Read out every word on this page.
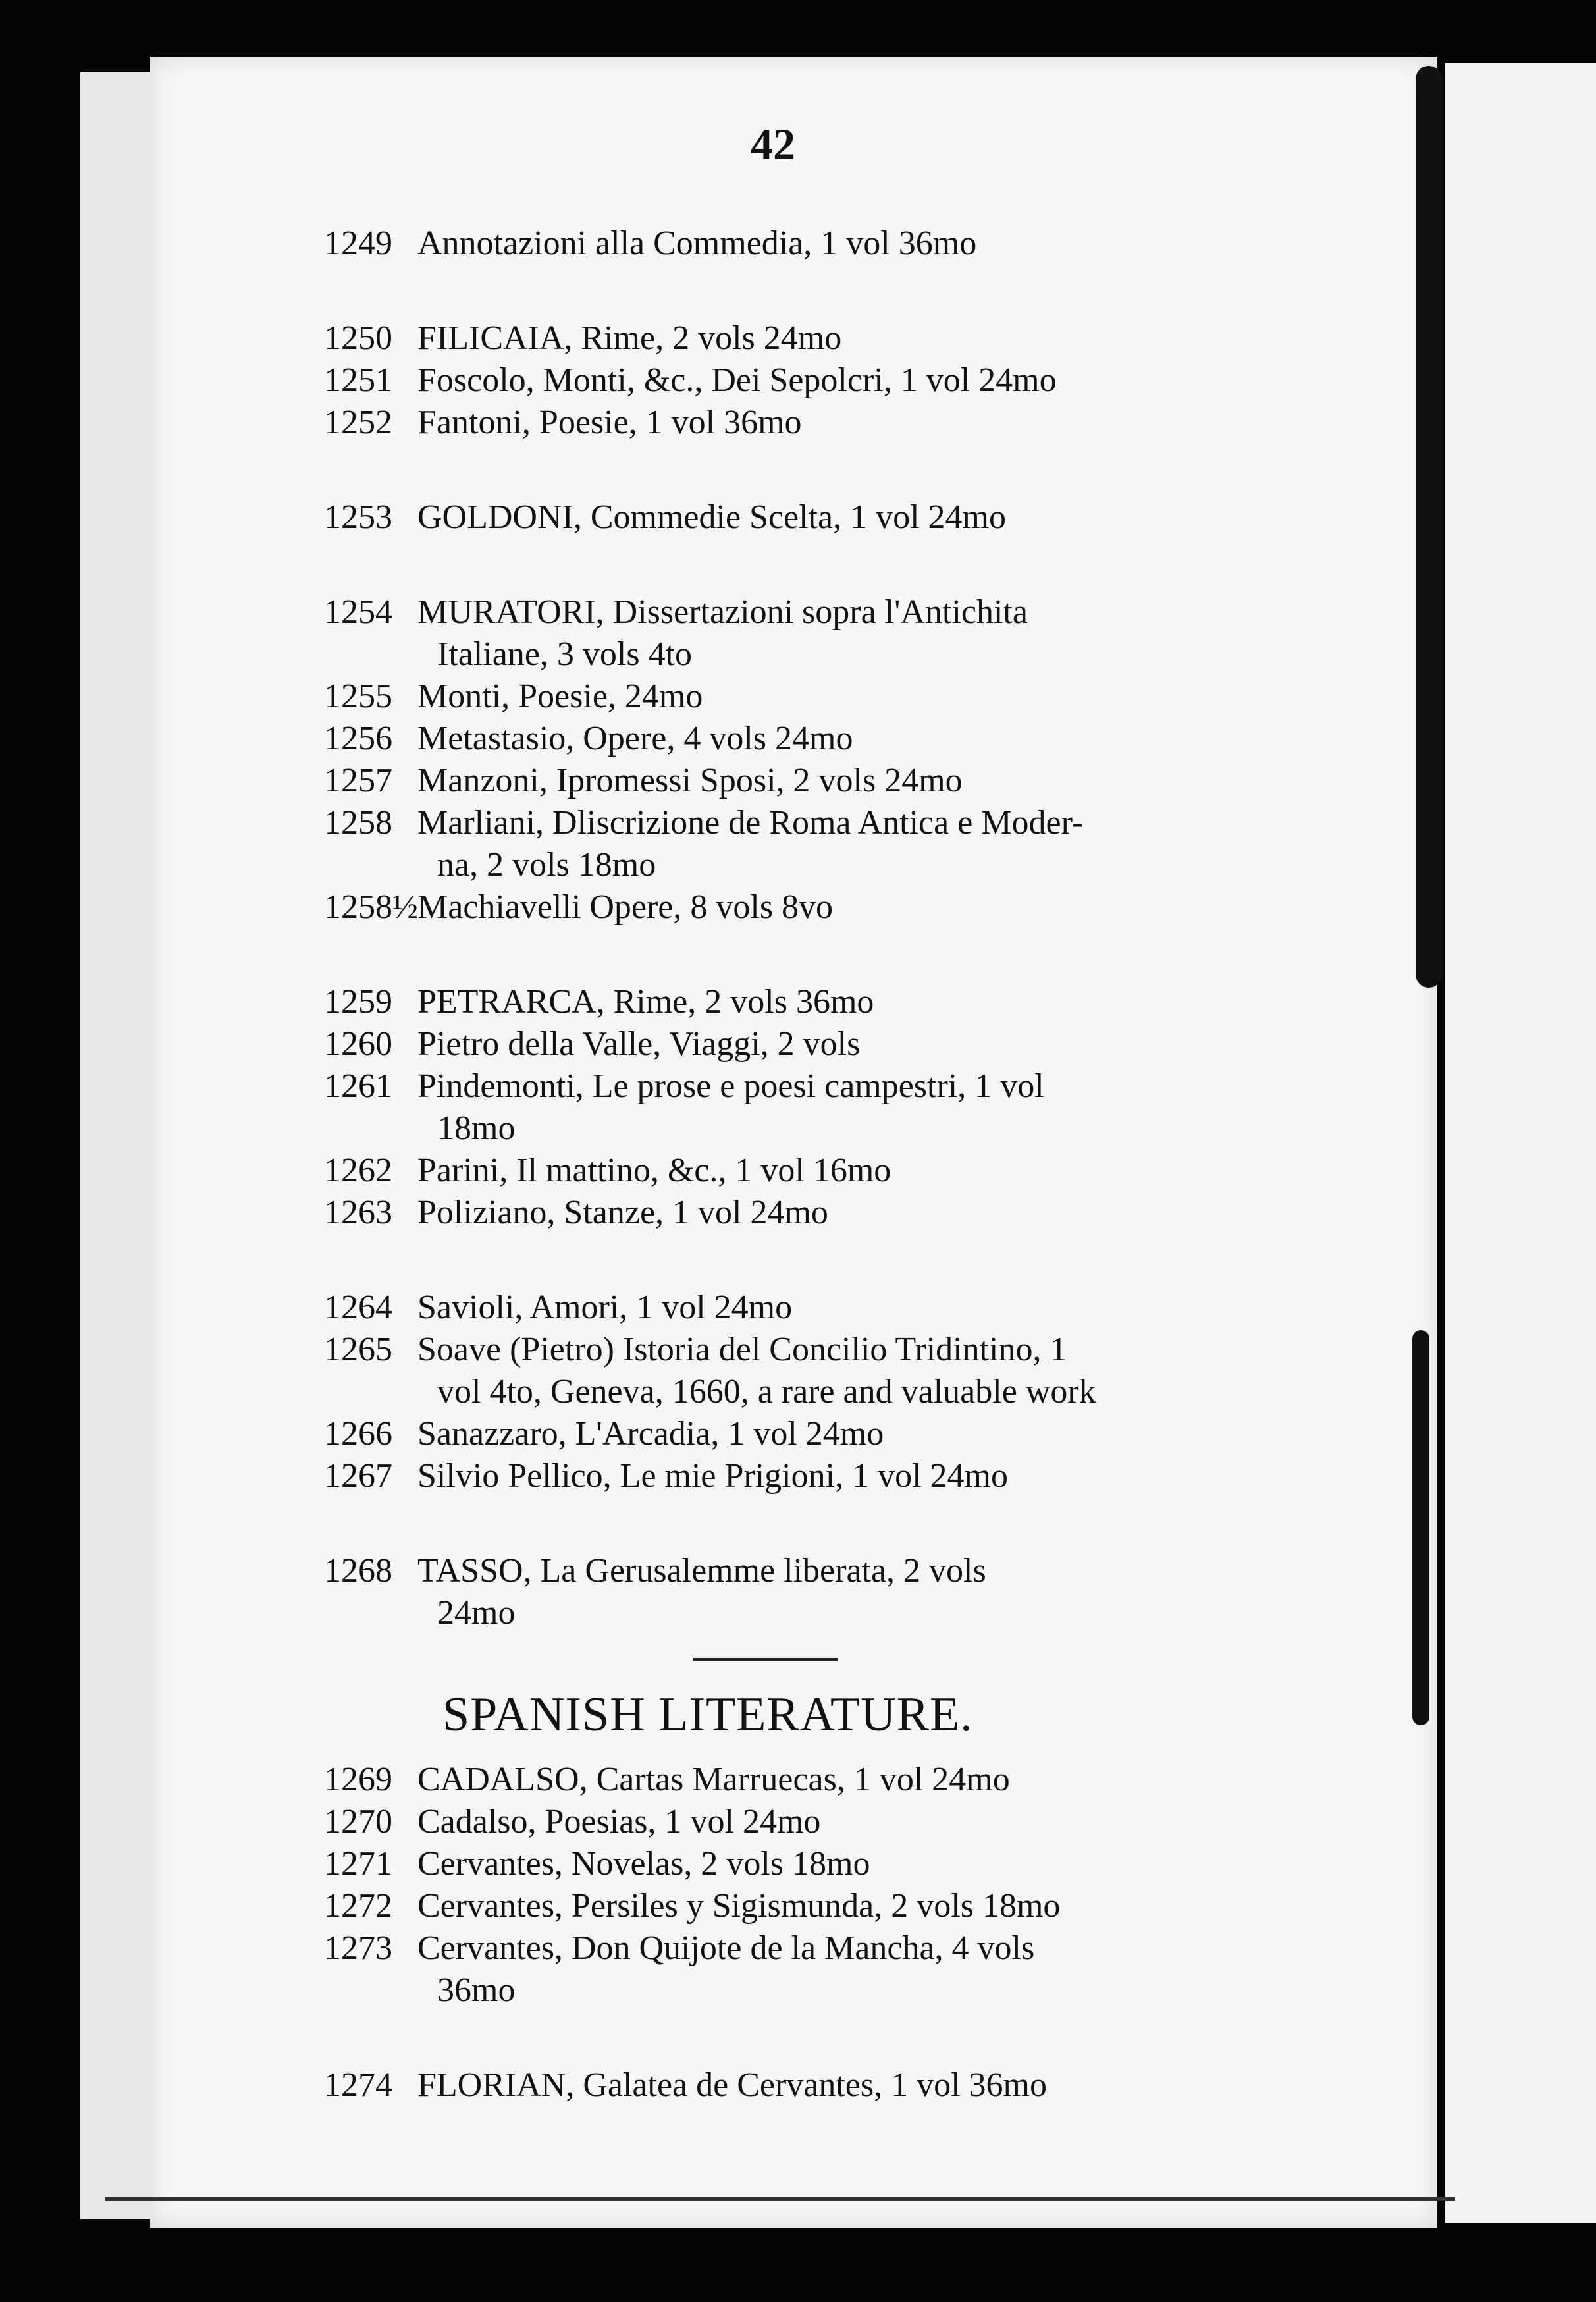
42
1249 Annotazioni alla Commedia, 1 vol 36mo
1250 FILICAIA, Rime, 2 vols 24mo
1251 Foscolo, Monti, &c., Dei Sepolcri, 1 vol 24mo
1252 Fantoni, Poesie, 1 vol 36mo
1253 GOLDONI, Commedie Scelta, 1 vol 24mo
1254 MURATORI, Dissertazioni sopra l'Antichita
Italiane, 3 vols 4to
1255 Monti, Poesie, 24mo
1256 Metastasio, Opere, 4 vols 24mo
1257 Manzoni, Ipromessi Sposi, 2 vols 24mo
1258 Marliani, Dliscrizione de Roma Antica e Moder-
na, 2 vols 18mo
1258½ Machiavelli Opere, 8 vols 8vo
1259 PETRARCA, Rime, 2 vols 36mo
1260 Pietro della Valle, Viaggi, 2 vols
1261 Pindemonti, Le prose e poesi campestri, 1 vol
18mo
1262 Parini, Il mattino, &c., 1 vol 16mo
1263 Poliziano, Stanze, 1 vol 24mo
1264 Savioli, Amori, 1 vol 24mo
1265 Soave (Pietro) Istoria del Concilio Tridintino, 1
vol 4to, Geneva, 1660, a rare and valuable work
1266 Sanazzaro, L'Arcadia, 1 vol 24mo
1267 Silvio Pellico, Le mie Prigioni, 1 vol 24mo
1268 TASSO, La Gerusalemme liberata, 2 vols
24mo
SPANISH LITERATURE.
1269 CADALSO, Cartas Marruecas, 1 vol 24mo
1270 Cadalso, Poesias, 1 vol 24mo
1271 Cervantes, Novelas, 2 vols 18mo
1272 Cervantes, Persiles y Sigismunda, 2 vols 18mo
1273 Cervantes, Don Quijote de la Mancha, 4 vols
36mo
1274 FLORIAN, Galatea de Cervantes, 1 vol 36mo
